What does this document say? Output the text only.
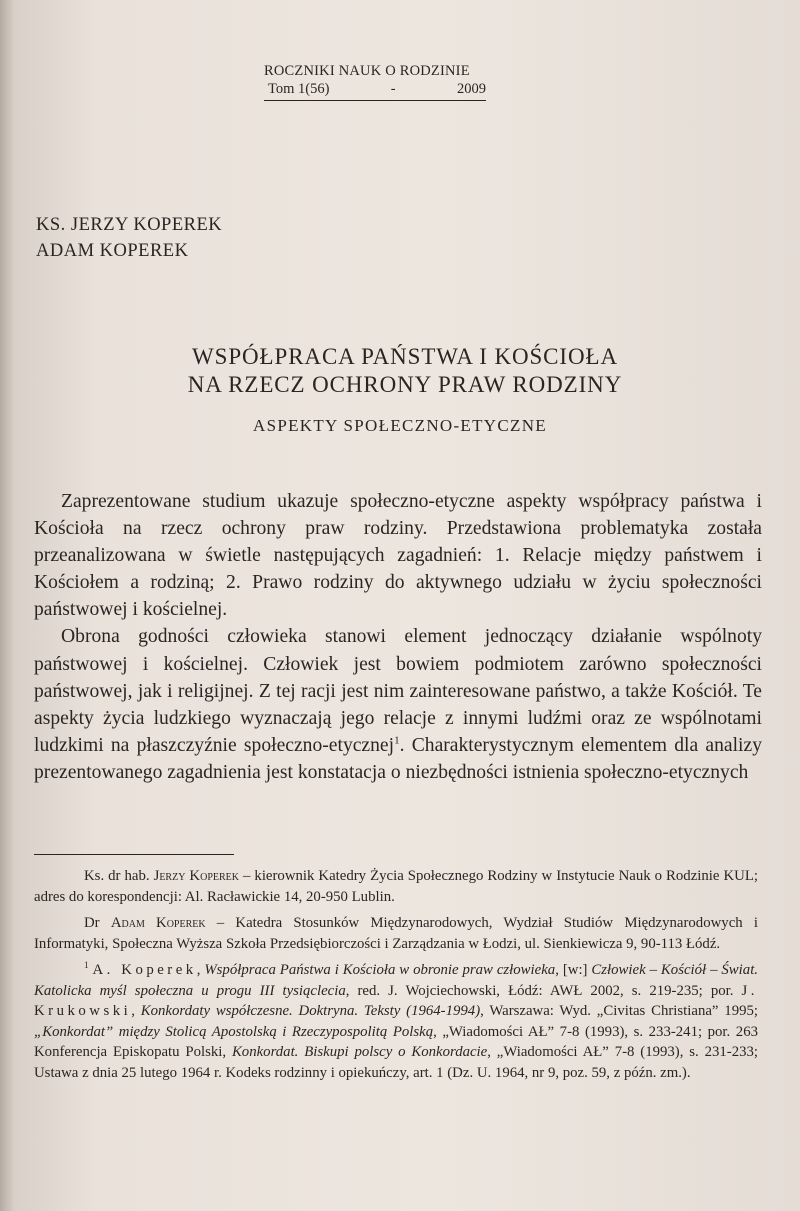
ROCZNIKI NAUK O RODZINIE
Tom 1(56)	-	2009
KS. JERZY KOPEREK
ADAM KOPEREK
WSPÓŁPRACA PAŃSTWA I KOŚCIOŁA
NA RZECZ OCHRONY PRAW RODZINY
ASPEKTY SPOŁECZNO-ETYCZNE

Zaprezentowane studium ukazuje społeczno-etyczne aspekty współpracy państwa i Kościoła na rzecz ochrony praw rodziny. Przedstawiona problematyka została przeanalizowana w świetle następujących zagadnień: 1. Relacje między państwem i Kościołem a rodziną; 2. Prawo rodziny do aktywnego udziału w życiu społeczności państwowej i kościelnej.

Obrona godności człowieka stanowi element jednoczący działanie wspólnoty państwowej i kościelnej. Człowiek jest bowiem podmiotem zarówno społeczności państwowej, jak i religijnej. Z tej racji jest nim zainteresowane państwo, a także Kościół. Te aspekty życia ludzkiego wyznaczają jego relacje z innymi ludźmi oraz ze wspólnotami ludzkimi na płaszczyźnie społeczno-etycznej$^1$. Charakterystycznym elementem dla analizy prezentowanego zagadnienia jest konstatacja o niezbędności istnienia społeczno-etycznych

Ks. dr hab. Jerzy Koperek – kierownik Katedry Życia Społecznego Rodziny w Instytucie Nauk o Rodzinie KUL; adres do korespondencji: Al. Racławickie 14, 20-950 Lublin.

Dr Adam Koperek – Katedra Stosunków Międzynarodowych, Wydział Studiów Międzynarodowych i Informatyki, Społeczna Wyższa Szkoła Przedsiębiorczości i Zarządzania w Łodzi, ul. Sienkiewicza 9, 90-113 Łódź.

$^1$ A. Koperek, Współpraca Państwa i Kościoła w obronie praw człowieka, [w:] Człowiek – Kościół – Świat. Katolicka myśl społeczna u progu III tysiąclecia, red. J. Wojciechowski, Łódź: AWŁ 2002, s. 219-235; por. J. Krukowski, Konkordaty współczesne. Doktryna. Teksty (1964-1994), Warszawa: Wyd. „Civitas Christiana” 1995; „Konkordat” między Stolicą Apostolską i Rzeczypospolitą Polską, „Wiadomości AŁ” 7-8 (1993), s. 233-241; por. 263 Konferencja Episkopatu Polski, Konkordat. Biskupi polscy o Konkordacie, „Wiadomości AŁ” 7-8 (1993), s. 231-233; Ustawa z dnia 25 lutego 1964 r. Kodeks rodzinny i opiekuńczy, art. 1 (Dz. U. 1964, nr 9, poz. 59, z późn. zm.).
